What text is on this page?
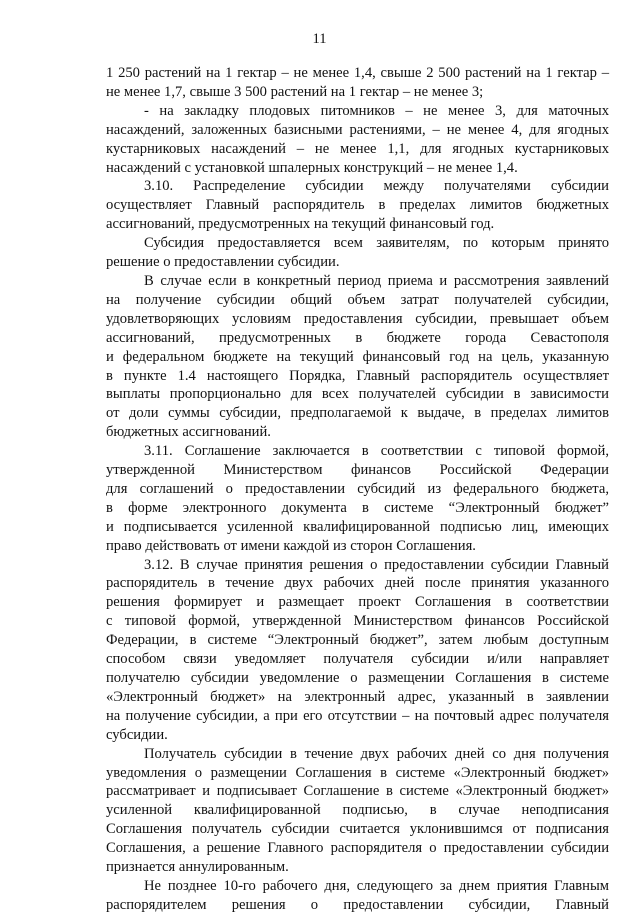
11
1 250 растений на 1 гектар – не менее 1,4, свыше 2 500 растений на 1 гектар –
не менее 1,7, свыше 3 500 растений на 1 гектар – не менее 3;
- на закладку плодовых питомников – не менее 3, для маточных
насаждений, заложенных базисными растениями, – не менее 4, для ягодных
кустарниковых насаждений – не менее 1,1, для ягодных кустарниковых
насаждений с установкой шпалерных конструкций – не менее 1,4.
3.10. Распределение субсидии между получателями субсидии
осуществляет Главный распорядитель в пределах лимитов бюджетных
ассигнований, предусмотренных на текущий финансовый год.
Субсидия предоставляется всем заявителям, по которым принято
решение о предоставлении субсидии.
В случае если в конкретный период приема и рассмотрения заявлений
на получение субсидии общий объем затрат получателей субсидии,
удовлетворяющих условиям предоставления субсидии, превышает объем
ассигнований, предусмотренных в бюджете города Севастополя
и федеральном бюджете на текущий финансовый год на цель, указанную
в пункте 1.4 настоящего Порядка, Главный распорядитель осуществляет
выплаты пропорционально для всех получателей субсидии в зависимости
от доли суммы субсидии, предполагаемой к выдаче, в пределах лимитов
бюджетных ассигнований.
3.11. Соглашение заключается в соответствии с типовой формой,
утвержденной Министерством финансов Российской Федерации
для соглашений о предоставлении субсидий из федерального бюджета,
в форме электронного документа в системе “Электронный бюджет”
и подписывается усиленной квалифицированной подписью лиц, имеющих
право действовать от имени каждой из сторон Соглашения.
3.12. В случае принятия решения о предоставлении субсидии Главный
распорядитель в течение двух рабочих дней после принятия указанного
решения формирует и размещает проект Соглашения в соответствии
с типовой формой, утвержденной Министерством финансов Российской
Федерации, в системе “Электронный бюджет”, затем любым доступным
способом связи уведомляет получателя субсидии и/или направляет
получателю субсидии уведомление о размещении Соглашения в системе
«Электронный бюджет» на электронный адрес, указанный в заявлении
на получение субсидии, а при его отсутствии – на почтовый адрес получателя
субсидии.
Получатель субсидии в течение двух рабочих дней со дня получения
уведомления о размещении Соглашения в системе «Электронный бюджет»
рассматривает и подписывает Соглашение в системе «Электронный бюджет»
усиленной квалифицированной подписью, в случае неподписания
Соглашения получатель субсидии считается уклонившимся от подписания
Соглашения, а решение Главного распорядителя о предоставлении субсидии
признается аннулированным.
Не позднее 10-го рабочего дня, следующего за днем приятия Главным
распорядителем решения о предоставлении субсидии, Главный
